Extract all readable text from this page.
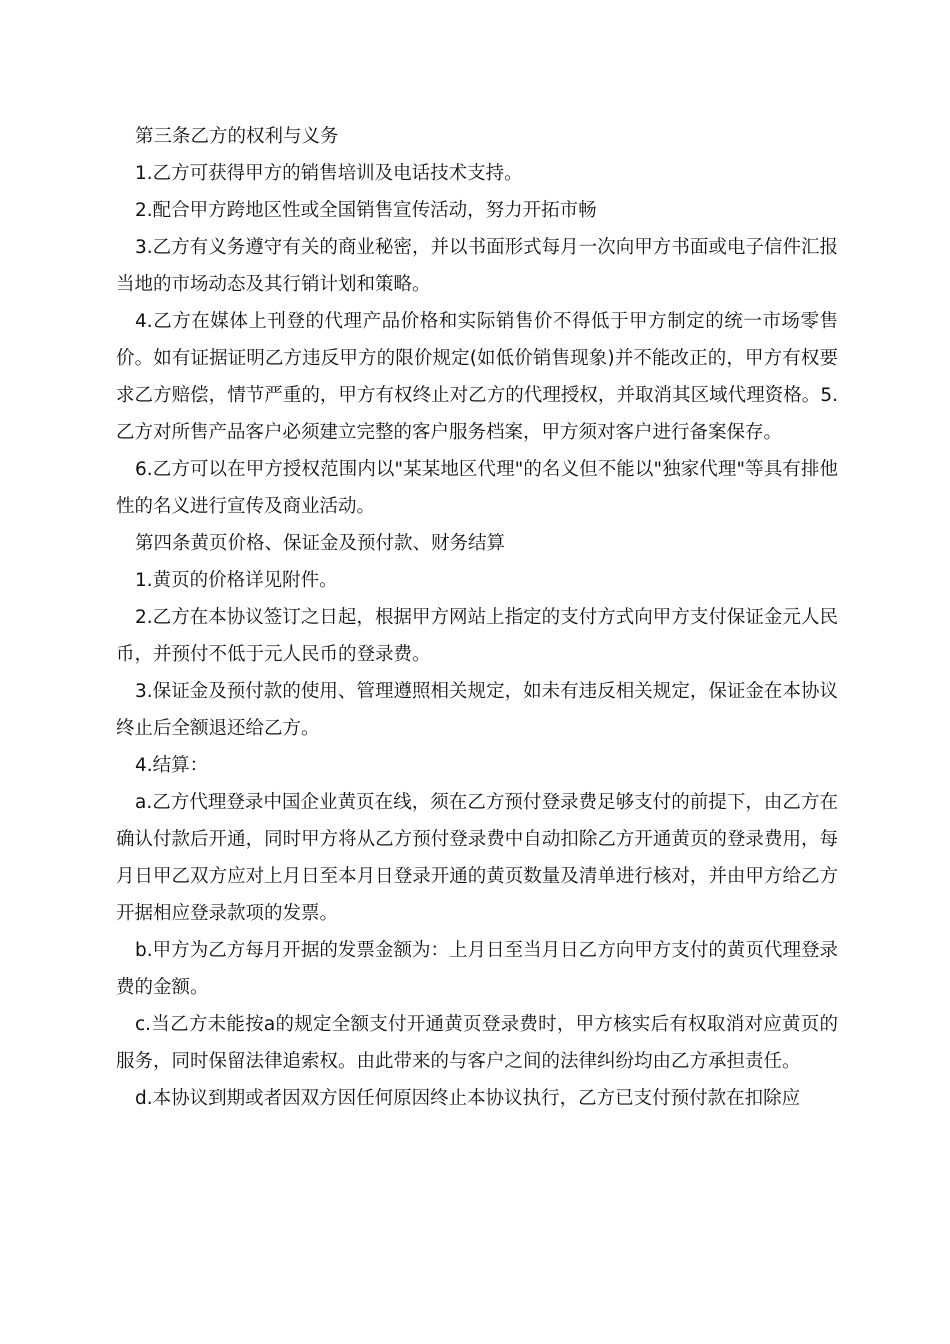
第三条乙方的权利与义务

1.乙方可获得甲方的销售培训及电话技术支持。

2.配合甲方跨地区性或全国销售宣传活动，努力开拓市畅

3.乙方有义务遵守有关的商业秘密，并以书面形式每月一次向甲方书面或电子信件汇报当地的市场动态及其行销计划和策略。

4.乙方在媒体上刊登的代理产品价格和实际销售价不得低于甲方制定的统一市场零售价。如有证据证明乙方违反甲方的限价规定(如低价销售现象)并不能改正的，甲方有权要求乙方赔偿，情节严重的，甲方有权终止对乙方的代理授权，并取消其区域代理资格。5.乙方对所售产品客户必须建立完整的客户服务档案，甲方须对客户进行备案保存。

6.乙方可以在甲方授权范围内以"某某地区代理"的名义但不能以"独家代理"等具有排他性的名义进行宣传及商业活动。

第四条黄页价格、保证金及预付款、财务结算

1.黄页的价格详见附件。

2.乙方在本协议签订之日起，根据甲方网站上指定的支付方式向甲方支付保证金元人民币，并预付不低于元人民币的登录费。

3.保证金及预付款的使用、管理遵照相关规定，如未有违反相关规定，保证金在本协议终止后全额退还给乙方。

4.结算：

a.乙方代理登录中国企业黄页在线，须在乙方预付登录费足够支付的前提下，由乙方在确认付款后开通，同时甲方将从乙方预付登录费中自动扣除乙方开通黄页的登录费用，每月日甲乙双方应对上月日至本月日登录开通的黄页数量及清单进行核对，并由甲方给乙方开据相应登录款项的发票。

b.甲方为乙方每月开据的发票金额为：上月日至当月日乙方向甲方支付的黄页代理登录费的金额。

c.当乙方未能按a的规定全额支付开通黄页登录费时，甲方核实后有权取消对应黄页的服务，同时保留法律追索权。由此带来的与客户之间的法律纠纷均由乙方承担责任。

d.本协议到期或者因双方因任何原因终止本协议执行，乙方已支付预付款在扣除应
